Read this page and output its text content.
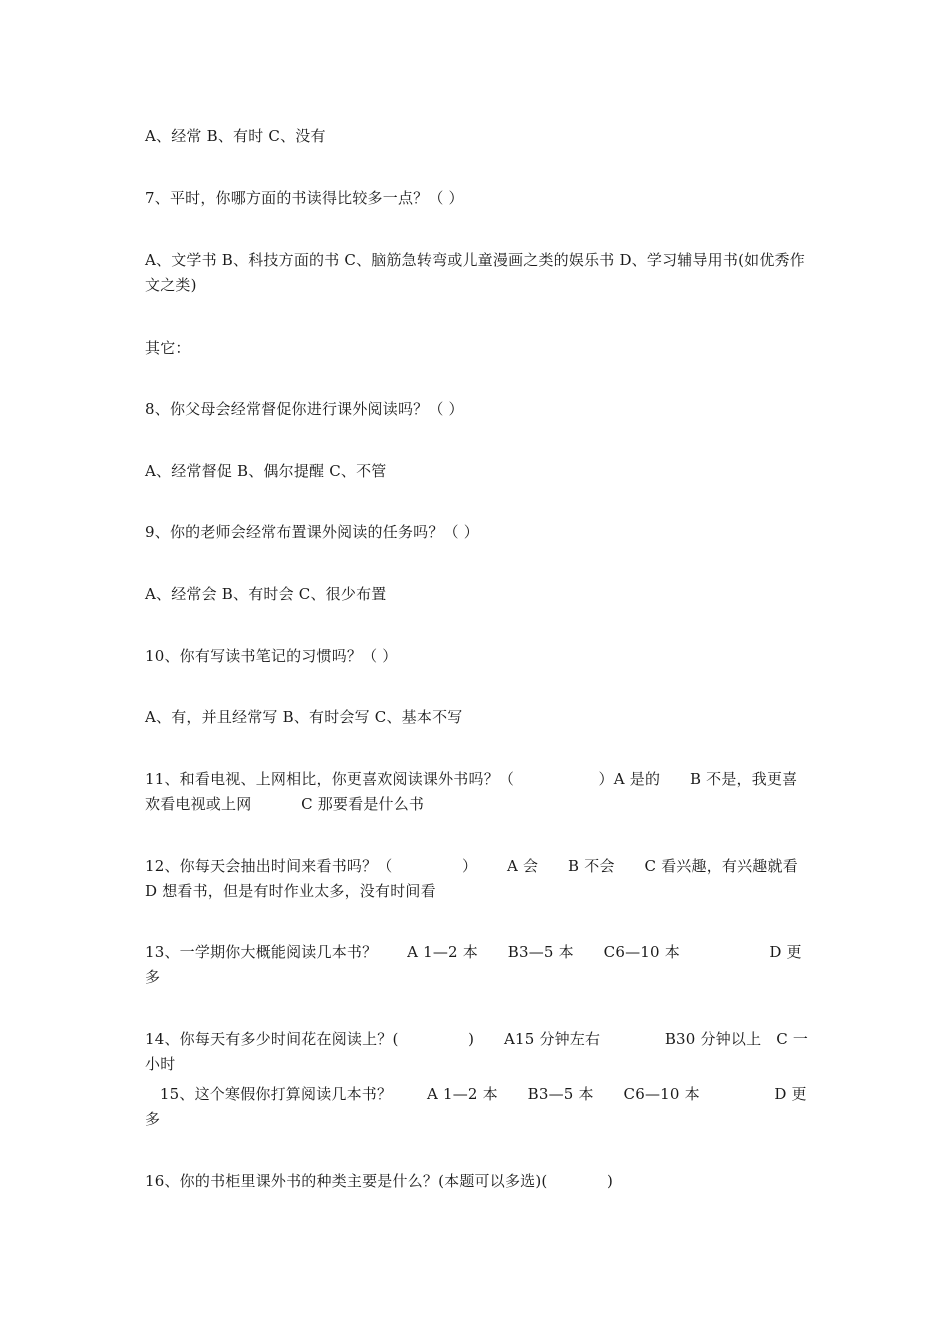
A、经常 B、有时 C、没有
7、平时，你哪方面的书读得比较多一点？（ ）
A、文学书 B、科技方面的书 C、脑筋急转弯或儿童漫画之类的娱乐书 D、学习辅导用书(如优秀作文之类)
其它：
8、你父母会经常督促你进行课外阅读吗？（ ）
A、经常督促 B、偶尔提醒 C、不管
9、你的老师会经常布置课外阅读的任务吗？（ ）
A、经常会 B、有时会 C、很少布置
10、你有写读书笔记的习惯吗？（ ）
A、有，并且经常写 B、有时会写 C、基本不写
11、和看电视、上网相比，你更喜欢阅读课外书吗？（                 ）A 是的      B 不是，我更喜欢看电视或上网          C 那要看是什么书
12、你每天会抽出时间来看书吗？（              ）      A 会      B 不会      C 看兴趣，有兴趣就看 D 想看书，但是有时作业太多，没有时间看
13、一学期你大概能阅读几本书？      A 1—2 本      B3—5 本      C6—10 本                  D 更多
14、你每天有多少时间花在阅读上？(              )      A15 分钟左右             B30 分钟以上   C 一小时
15、这个寒假你打算阅读几本书？       A 1—2 本      B3—5 本      C6—10 本               D 更多
16、你的书柜里课外书的种类主要是什么？(本题可以多选)(            )
